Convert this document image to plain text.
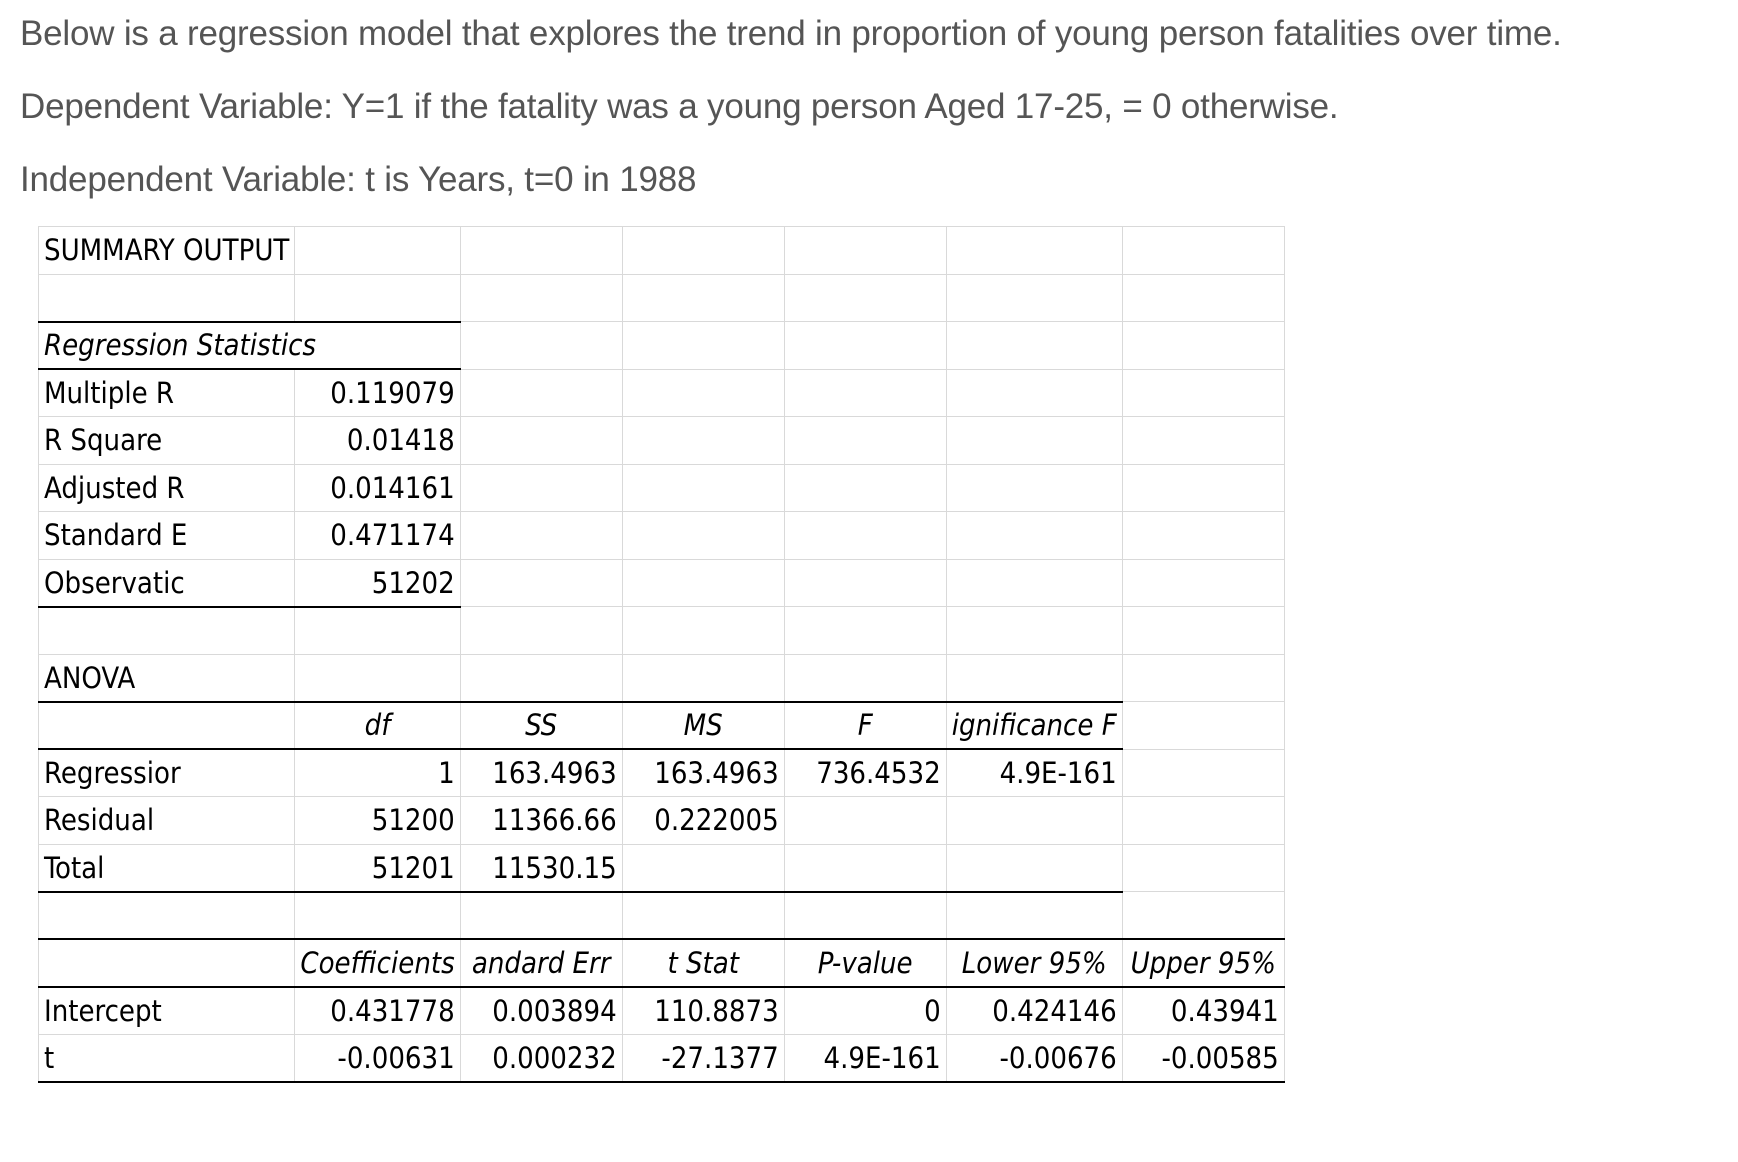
Below is a regression model that explores the trend in proportion of young person fatalities over time.

Dependent Variable: Y=1 if the fatality was a young person Aged 17-25, = 0 otherwise.

Independent Variable: t is Years, t=0 in 1988

SUMMARY OUTPUT						

Regression Statistics						
Multiple R	0.119079					
R Square	0.01418					
Adjusted R	0.014161					
Standard E	0.471174					
Observatic	51202					

ANOVA						
	df	SS	MS	F	ignificance F	
Regressior	1	163.4963	163.4963	736.4532	4.9E-161	
Residual	51200	11366.66	0.222005			
Total	51201	11530.15				

	Coefficients	andard Err	t Stat	P-value	Lower 95%	Upper 95%
Intercept	0.431778	0.003894	110.8873	0	0.424146	0.43941
t	-0.00631	0.000232	-27.1377	4.9E-161	-0.00676	-0.00585
